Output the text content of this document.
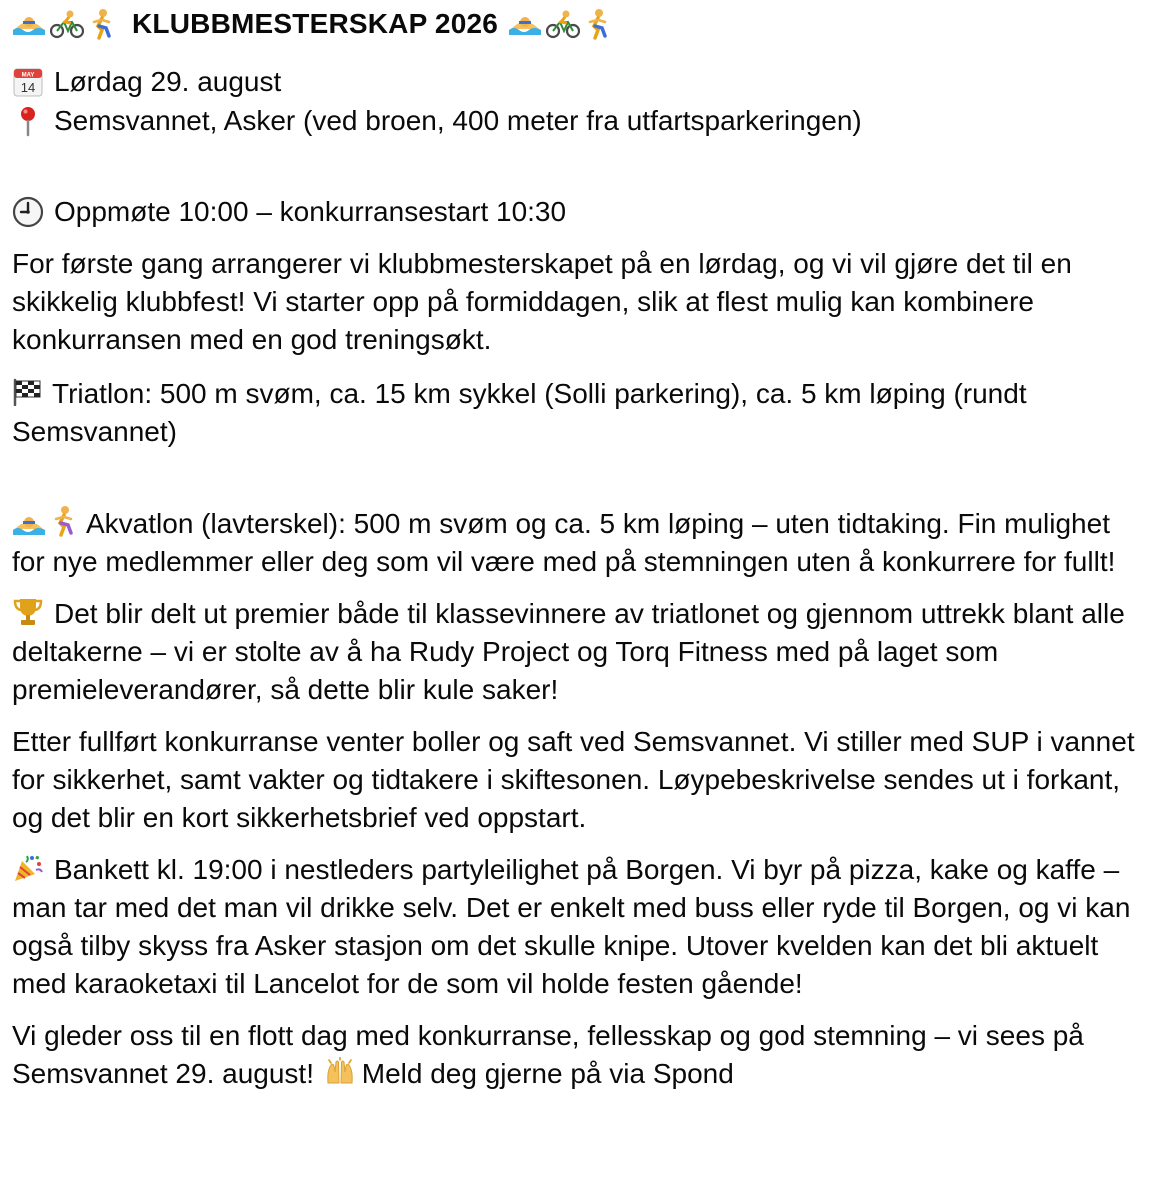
KLUBBMESTERSKAP 2026
MAY
14 Lørdag 29. august
Semsvannet, Asker (ved broen, 400 meter fra utfartsparkeringen)
Oppmøte 10:00 – konkurransestart 10:30

For første gang arrangerer vi klubbmesterskapet på en lørdag, og vi vil gjøre det til en skikkelig klubbfest! Vi starter opp på formiddagen, slik at flest mulig kan kombinere konkurransen med en god treningsøkt.

Triatlon: 500 m svøm, ca. 15 km sykkel (Solli parkering), ca. 5 km løping (rundt Semsvannet)

Akvatlon (lavterskel): 500 m svøm og ca. 5 km løping – uten tidtaking. Fin mulighet for nye medlemmer eller deg som vil være med på stemningen uten å konkurrere for fullt!

Det blir delt ut premier både til klassevinnere av triatlonet og gjennom uttrekk blant alle deltakerne – vi er stolte av å ha Rudy Project og Torq Fitness med på laget som premieleverandører, så dette blir kule saker!

Etter fullført konkurranse venter boller og saft ved Semsvannet. Vi stiller med SUP i vannet for sikkerhet, samt vakter og tidtakere i skiftesonen. Løypebeskrivelse sendes ut i forkant, og det blir en kort sikkerhetsbrief ved oppstart.

Bankett kl. 19:00 i nestleders partyleilighet på Borgen. Vi byr på pizza, kake og kaffe – man tar med det man vil drikke selv. Det er enkelt med buss eller ryde til Borgen, og vi kan også tilby skyss fra Asker stasjon om det skulle knipe. Utover kvelden kan det bli aktuelt med karaoketaxi til Lancelot for de som vil holde festen gående!

Vi gleder oss til en flott dag med konkurranse, fellesskap og god stemning – vi sees på Semsvannet 29. august! Meld deg gjerne på via Spond
